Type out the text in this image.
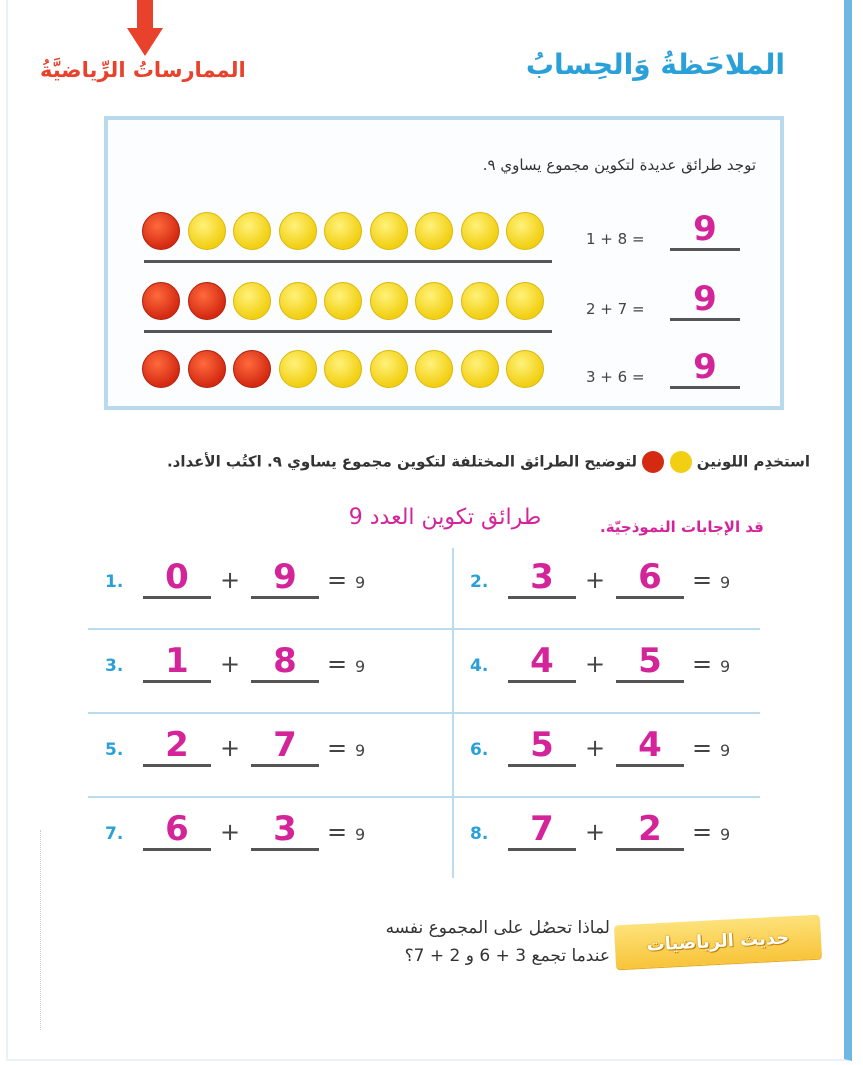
الممارساتُ الرِّياضيَّةُ	الملاحَظةُ وَالحِسابُ
توجد طرائق عديدة لتكوين مجموع يساوي ٩.
1 + 8 =	9
2 + 7 =	9
3 + 6 =	9
استخدِم اللونين   لتوضيح الطرائق المختلفة لتكوين مجموع يساوي ٩. اكتُب الأعداد.
طرائق تكوين العدد 9	قد الإجابات النموذجيّة.
1.	0	+ 9	= 9	2.	3	+ 6	= 9
3.	1	+ 8	= 9	4.	4	+ 5	= 9
5.	2	+ 7	= 9	6.	5	+ 4	= 9
7.	6	+ 3	= 9	8.	7	+ 2	= 9
حديث الرياضيات
لماذا تحصُل على المجموع نفسه
عندما تجمع 3 + 6 و 2 + 7؟
